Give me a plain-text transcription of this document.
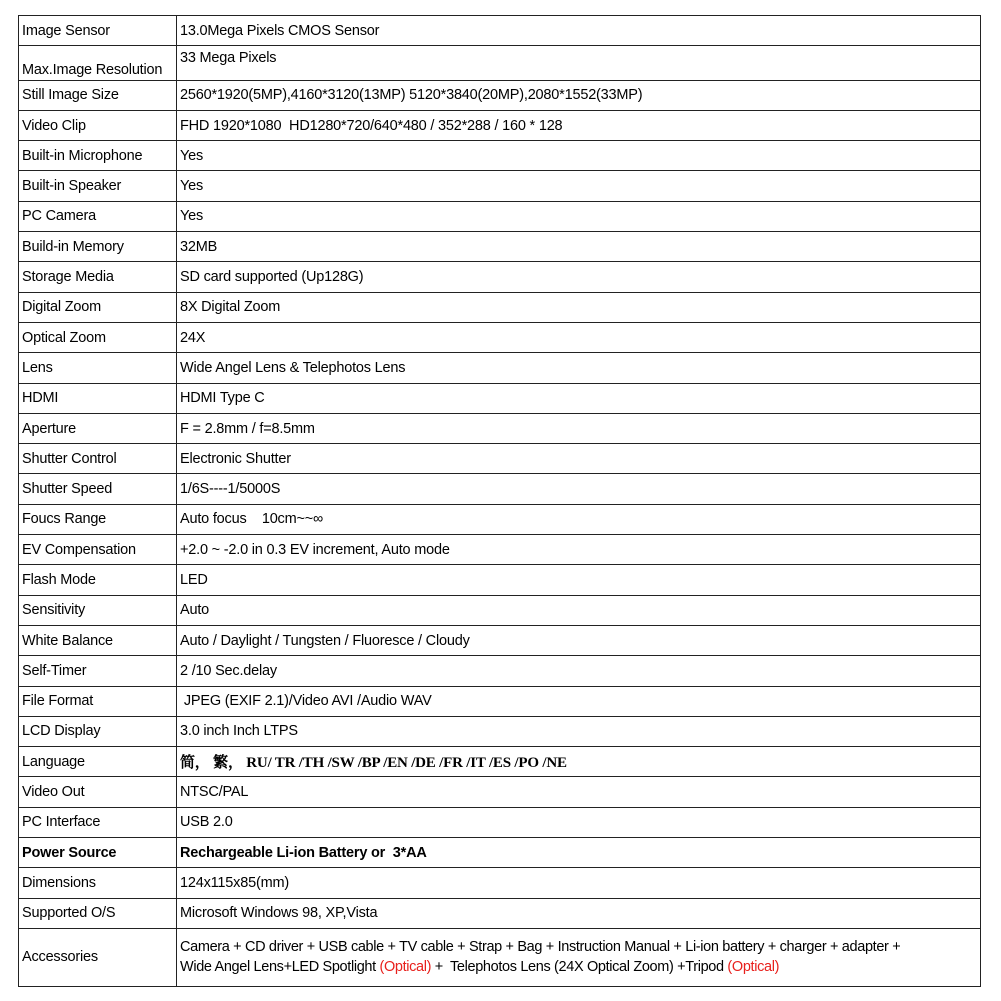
Image Sensor	13.0Mega Pixels CMOS Sensor
Max.Image Resolution	33 Mega Pixels
Still Image Size	2560*1920(5MP),4160*3120(13MP) 5120*3840(20MP),2080*1552(33MP)
Video Clip	FHD 1920*1080  HD1280*720/640*480 / 352*288 / 160 * 128
Built-in Microphone	Yes
Built-in Speaker	Yes
PC Camera	Yes
Build-in Memory	32MB
Storage Media	SD card supported (Up128G)
Digital Zoom	8X Digital Zoom
Optical Zoom	24X
Lens	Wide Angel Lens & Telephotos Lens
HDMI	HDMI Type C
Aperture	F = 2.8mm / f=8.5mm
Shutter Control	Electronic Shutter
Shutter Speed	1/6S----1/5000S
Foucs Range	Auto focus    10cm~~∞
EV Compensation	+2.0 ~ -2.0 in 0.3 EV increment, Auto mode
Flash Mode	LED
Sensitivity	Auto
White Balance	Auto / Daylight / Tungsten / Fluoresce / Cloudy
Self-Timer	2 /10 Sec.delay
File Format	JPEG (EXIF 2.1)/Video AVI /Audio WAV
LCD Display	3.0 inch Inch LTPS
Language	简， 繁， RU/ TR /TH /SW /BP /EN /DE /FR /IT /ES /PO /NE
Video Out	NTSC/PAL
PC Interface	USB 2.0
Power Source	Rechargeable Li-ion Battery or  3*AA
Dimensions	124x115x85(mm)
Supported O/S	Microsoft Windows 98, XP,Vista
Accessories	Camera + CD driver + USB cable + TV cable + Strap + Bag + Instruction Manual + Li-ion battery + charger + adapter +
Wide Angel Lens+LED Spotlight (Optical) +  Telephotos Lens (24X Optical Zoom) +Tripod (Optical)
